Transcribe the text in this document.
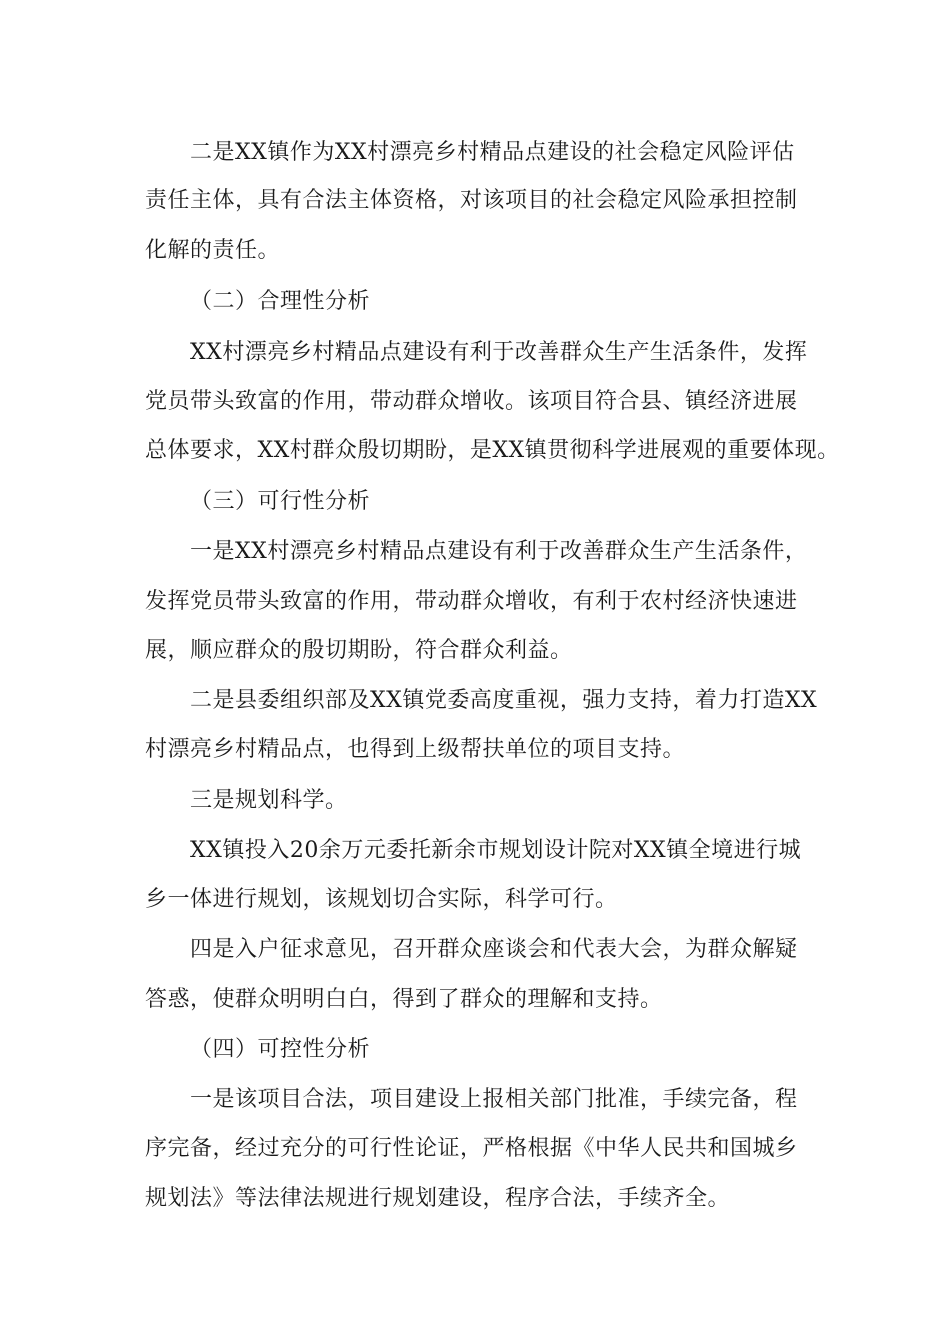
二是XX镇作为XX村漂亮乡村精品点建设的社会稳定风险评估
责任主体，具有合法主体资格，对该项目的社会稳定风险承担控制
化解的责任。
（二）合理性分析
XX村漂亮乡村精品点建设有利于改善群众生产生活条件，发挥
党员带头致富的作用，带动群众增收。该项目符合县、镇经济进展
总体要求，XX村群众殷切期盼，是XX镇贯彻科学进展观的重要体现。
（三）可行性分析
一是XX村漂亮乡村精品点建设有利于改善群众生产生活条件，
发挥党员带头致富的作用，带动群众增收，有利于农村经济快速进
展，顺应群众的殷切期盼，符合群众利益。
二是县委组织部及XX镇党委高度重视，强力支持，着力打造XX
村漂亮乡村精品点，也得到上级帮扶单位的项目支持。
三是规划科学。
XX镇投入20余万元委托新余市规划设计院对XX镇全境进行城
乡一体进行规划，该规划切合实际，科学可行。
四是入户征求意见，召开群众座谈会和代表大会，为群众解疑
答惑，使群众明明白白，得到了群众的理解和支持。
（四）可控性分析
一是该项目合法，项目建设上报相关部门批准，手续完备，程
序完备，经过充分的可行性论证，严格根据《中华人民共和国城乡
规划法》等法律法规进行规划建设，程序合法，手续齐全。
